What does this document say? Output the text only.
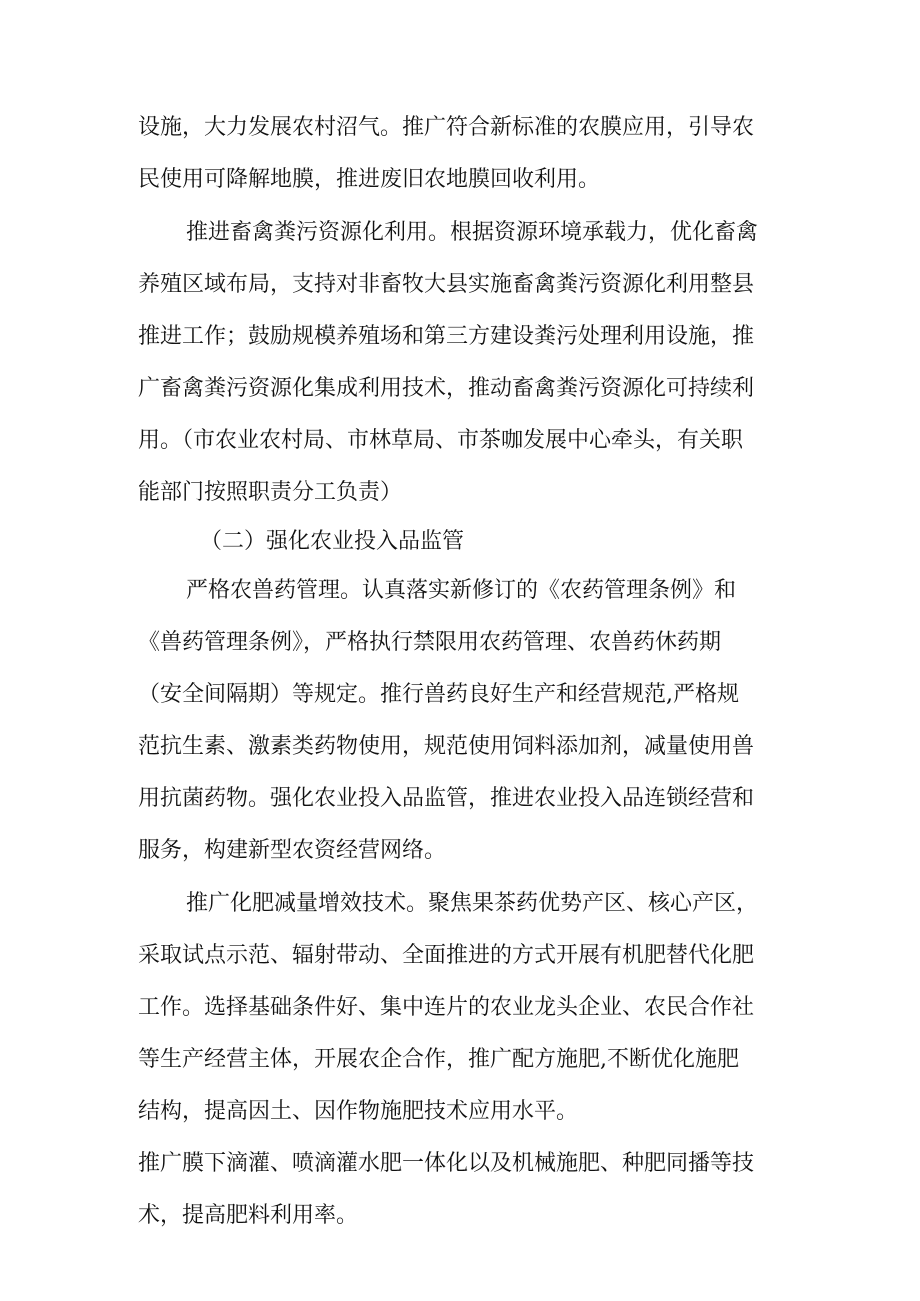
设施，大力发展农村沼气。推广符合新标准的农膜应用，引导农
民使用可降解地膜，推进废旧农地膜回收利用。
推进畜禽粪污资源化利用。根据资源环境承载力，优化畜禽
养殖区域布局，支持对非畜牧大县实施畜禽粪污资源化利用整县
推进工作；鼓励规模养殖场和第三方建设粪污处理利用设施，推
广畜禽粪污资源化集成利用技术，推动畜禽粪污资源化可持续利
用。（市农业农村局、市林草局、市茶咖发展中心牵头，有关职
能部门按照职责分工负责）
（二）强化农业投入品监管
严格农兽药管理。认真落实新修订的《农药管理条例》和
《兽药管理条例》，严格执行禁限用农药管理、农兽药休药期
（安全间隔期）等规定。推行兽药良好生产和经营规范,严格规
范抗生素、激素类药物使用，规范使用饲料添加剂，减量使用兽
用抗菌药物。强化农业投入品监管，推进农业投入品连锁经营和
服务，构建新型农资经营网络。
推广化肥减量增效技术。聚焦果茶药优势产区、核心产区，
采取试点示范、辐射带动、全面推进的方式开展有机肥替代化肥
工作。选择基础条件好、集中连片的农业龙头企业、农民合作社
等生产经营主体，开展农企合作，推广配方施肥,不断优化施肥
结构，提高因土、因作物施肥技术应用水平。
推广膜下滴灌、喷滴灌水肥一体化以及机械施肥、种肥同播等技
术，提高肥料利用率。
